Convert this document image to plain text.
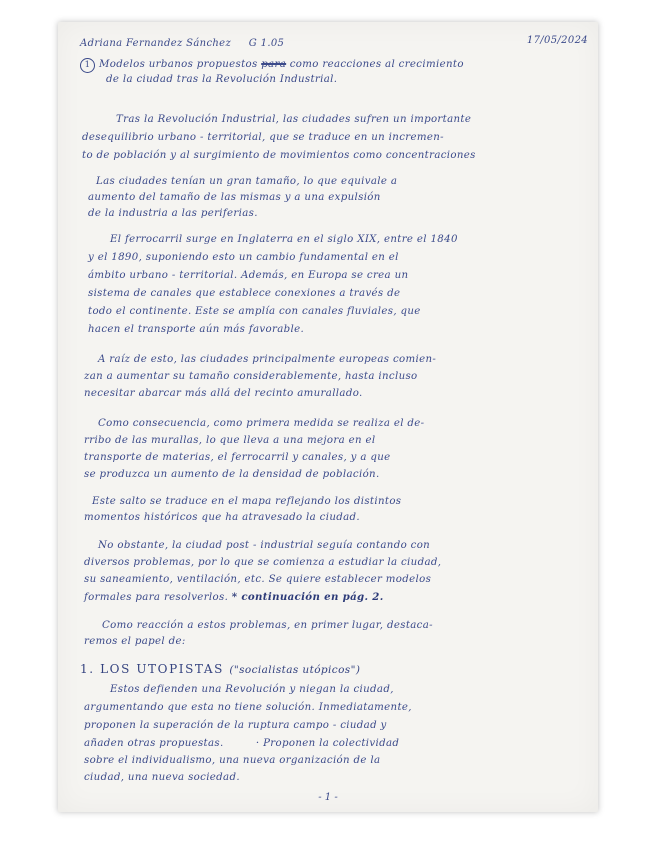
Adriana Fernandez Sánchez G 1.05	17/05/2024
1 Modelos urbanos propuestos para como reacciones al crecimiento
de la ciudad tras la Revolución Industrial.
Tras la Revolución Industrial, las ciudades sufren un importante
desequilibrio urbano - territorial, que se traduce en un incremen-
to de población y al surgimiento de movimientos como concentraciones
Las ciudades tenían un gran tamaño, lo que equivale a
aumento del tamaño de las mismas y a una expulsión
de la industria a las periferias.
El ferrocarril surge en Inglaterra en el siglo XIX, entre el 1840
y el 1890, suponiendo esto un cambio fundamental en el
ámbito urbano - territorial. Además, en Europa se crea un
sistema de canales que establece conexiones a través de
todo el continente. Este se amplía con canales fluviales, que
hacen el transporte aún más favorable.
A raíz de esto, las ciudades principalmente europeas comien-
zan a aumentar su tamaño considerablemente, hasta incluso
necesitar abarcar más allá del recinto amurallado.
Como consecuencia, como primera medida se realiza el de-
rribo de las murallas, lo que lleva a una mejora en el
transporte de materias, el ferrocarril y canales, y a que
se produzca un aumento de la densidad de población.
Este salto se traduce en el mapa reflejando los distintos
momentos históricos que ha atravesado la ciudad.
No obstante, la ciudad post - industrial seguía contando con
diversos problemas, por lo que se comienza a estudiar la ciudad,
su saneamiento, ventilación, etc. Se quiere establecer modelos
formales para resolverlos. * continuación en pág. 2.
Como reacción a estos problemas, en primer lugar, destaca-
remos el papel de:
1. LOS UTOPISTAS ("socialistas utópicos")
Estos defienden una Revolución y niegan la ciudad,
argumentando que esta no tiene solución. Inmediatamente,
proponen la superación de la ruptura campo - ciudad y
añaden otras propuestas.	· Proponen la colectividad
sobre el individualismo, una nueva organización de la
ciudad, una nueva sociedad.
- 1 -
